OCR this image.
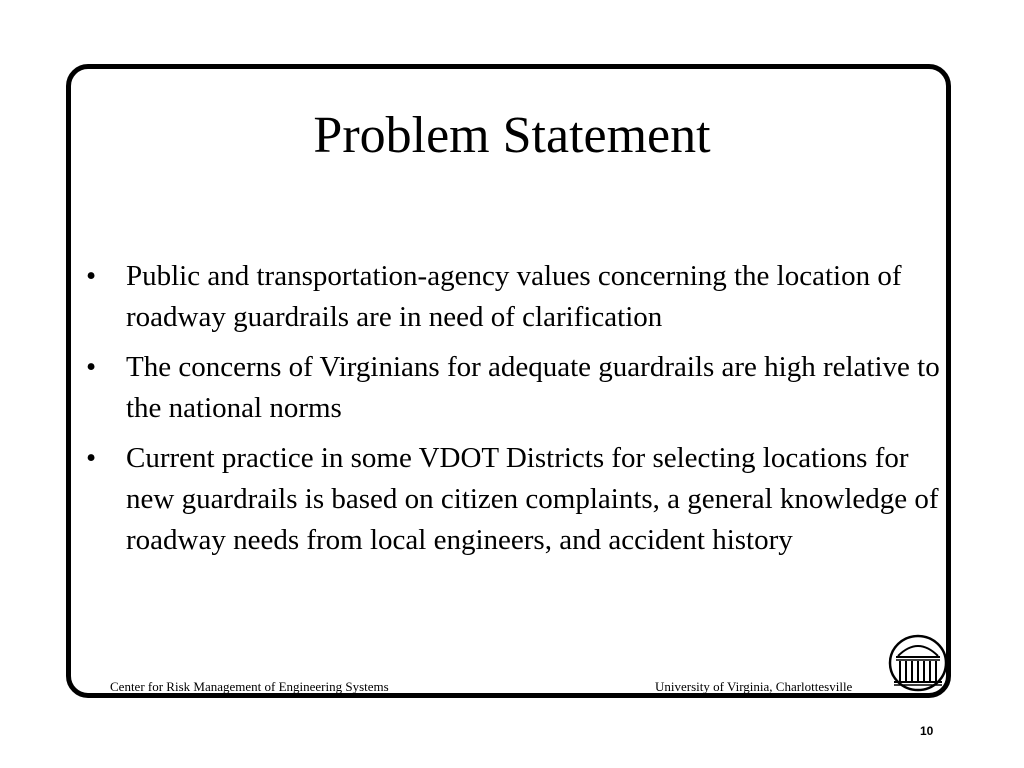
Problem Statement
• Public and transportation-agency values concerning the location of roadway guardrails are in need of clarification
• The concerns of Virginians for adequate guardrails are high relative to the national norms
• Current practice in some VDOT Districts for selecting locations for new guardrails is based on citizen complaints, a general knowledge of roadway needs from local engineers, and accident history
Center for Risk Management of Engineering Systems	University of Virginia, Charlottesville
10
